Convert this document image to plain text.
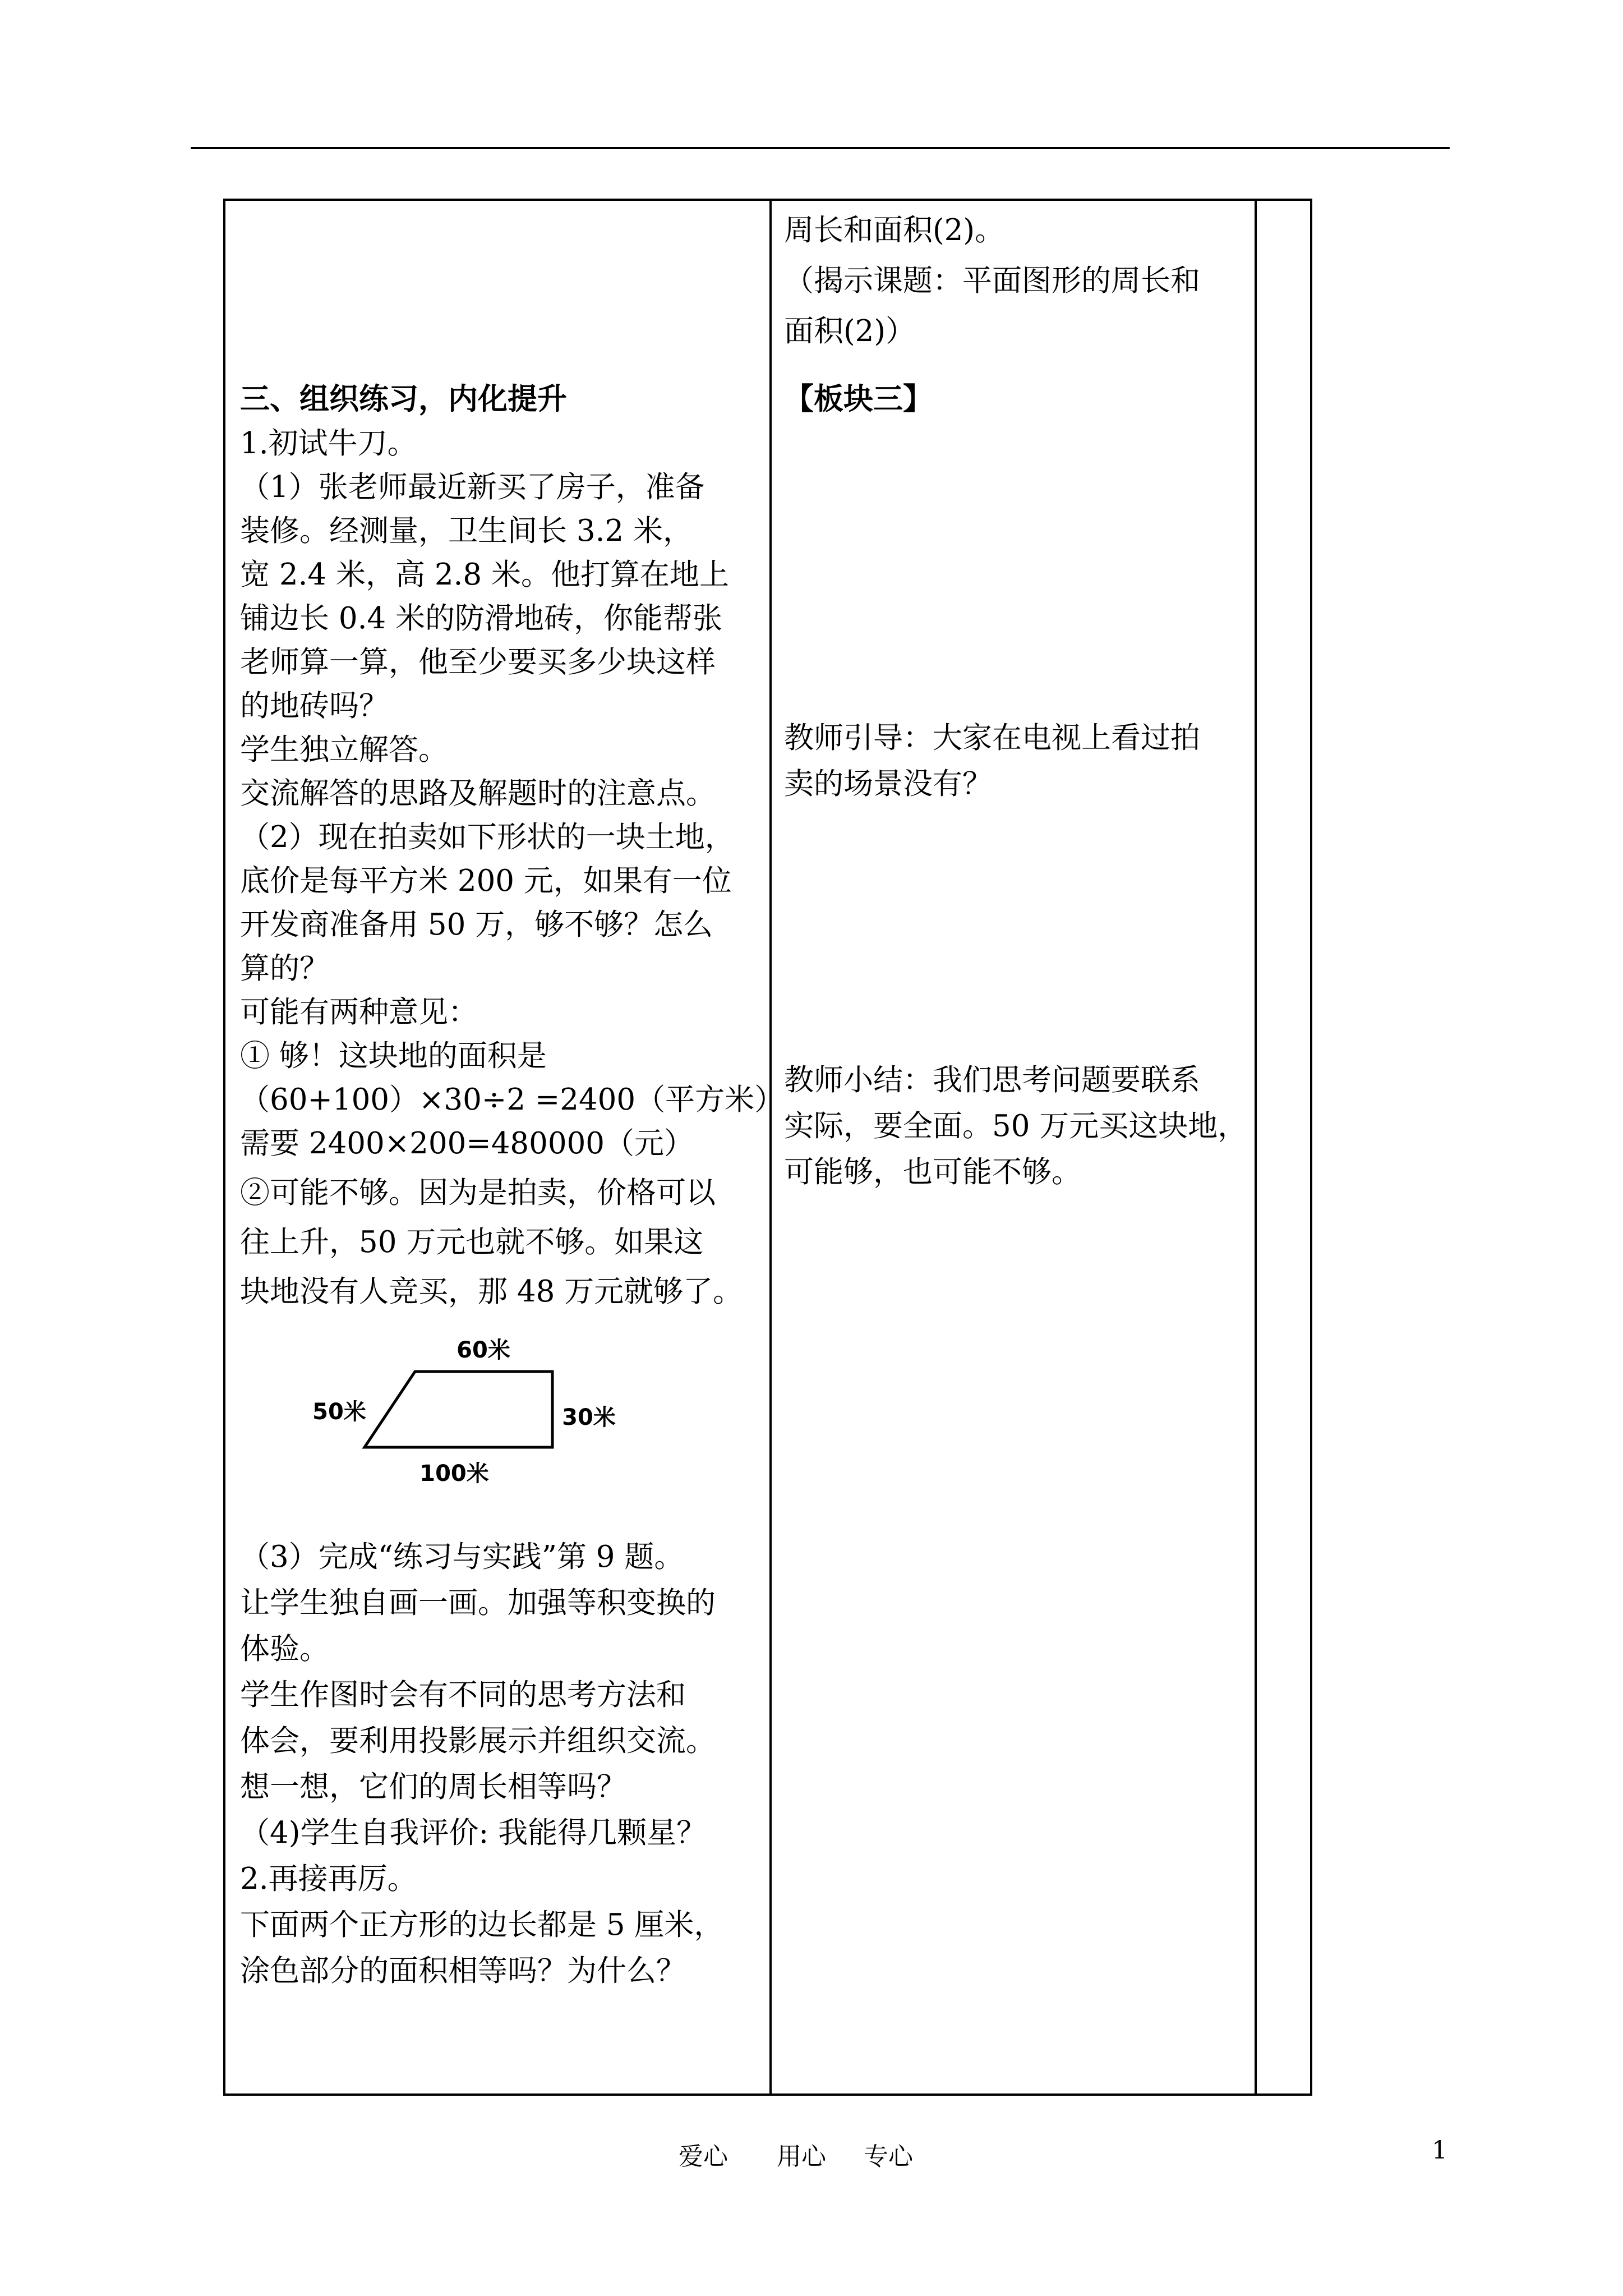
周长和面积(2)。
（揭示课题：平面图形的周长和
面积(2)）
三、组织练习，内化提升
1.初试牛刀。
（1）张老师最近新买了房子，准备
装修。经测量，卫生间长 3.2 米，
宽 2.4 米，高 2.8 米。他打算在地上
铺边长 0.4 米的防滑地砖，你能帮张
老师算一算，他至少要买多少块这样
的地砖吗？
学生独立解答。
交流解答的思路及解题时的注意点。
（2）现在拍卖如下形状的一块土地，
底价是每平方米 200 元，如果有一位
开发商准备用 50 万，够不够？怎么
算的？
可能有两种意见：
① 够！这块地的面积是
（60+100）×30÷2 =2400（平方米）
需要 2400×200=480000（元）
②可能不够。因为是拍卖，价格可以
往上升，50 万元也就不够。如果这
块地没有人竞买，那 48 万元就够了。
60米
50米	30米
100米
（3）完成“练习与实践”第 9 题。
让学生独自画一画。加强等积变换的
体验。
学生作图时会有不同的思考方法和
体会，要利用投影展示并组织交流。
想一想，它们的周长相等吗？
（4)学生自我评价: 我能得几颗星？
2.再接再厉。
下面两个正方形的边长都是 5 厘米，
涂色部分的面积相等吗？为什么？
【板块三】
教师引导：大家在电视上看过拍
卖的场景没有？
教师小结：我们思考问题要联系
实际，要全面。50 万元买这块地，
可能够，也可能不够。
爱心 用心 专心	1
